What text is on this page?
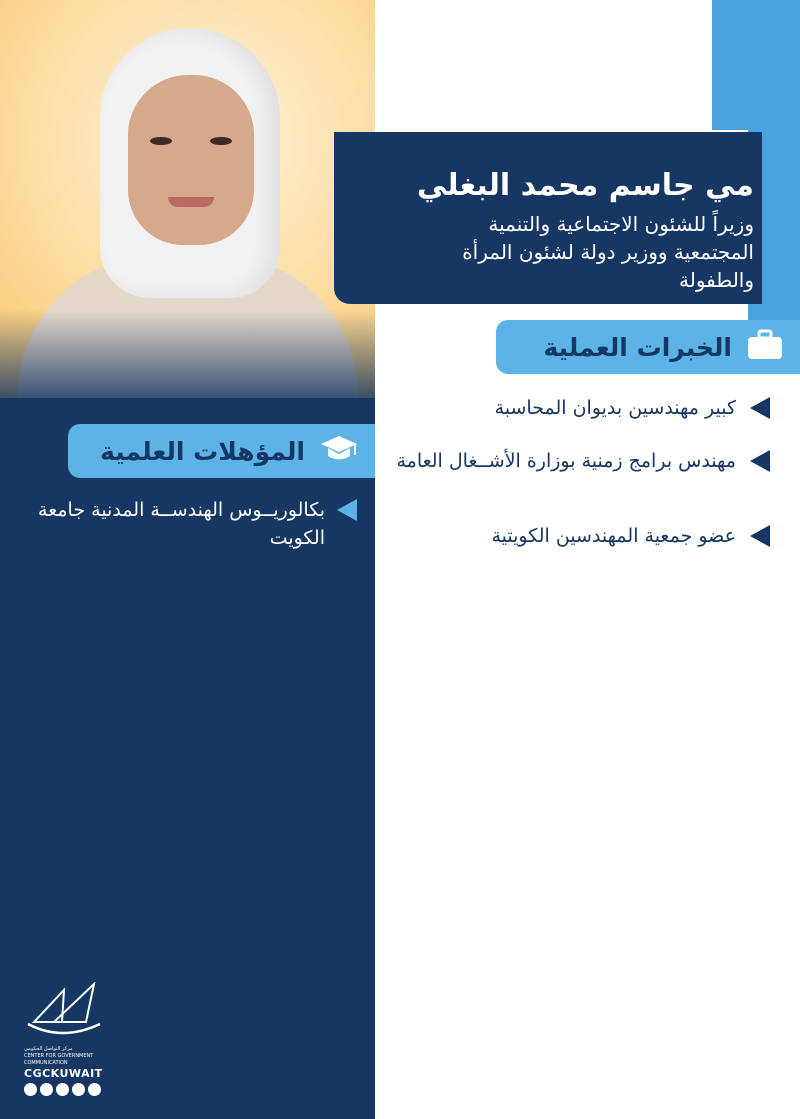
مي جاسم محمد البغلي
وزيراً للشئون الاجتماعية والتنمية
المجتمعية ووزير دولة لشئون المرأة
والطفولة
الخبرات العملية
كبير مهندسين بديوان المحاسبة
مهندس برامج زمنية بوزارة الأشــغال العامة
عضو جمعية المهندسين الكويتية
المؤهلات العلمية
بكالوريــوس الهندســة المدنية جامعة الكويت
مركز التواصل الحكومي
CENTER FOR GOVERNMENT COMMUNICATION
CGCKUWAIT
